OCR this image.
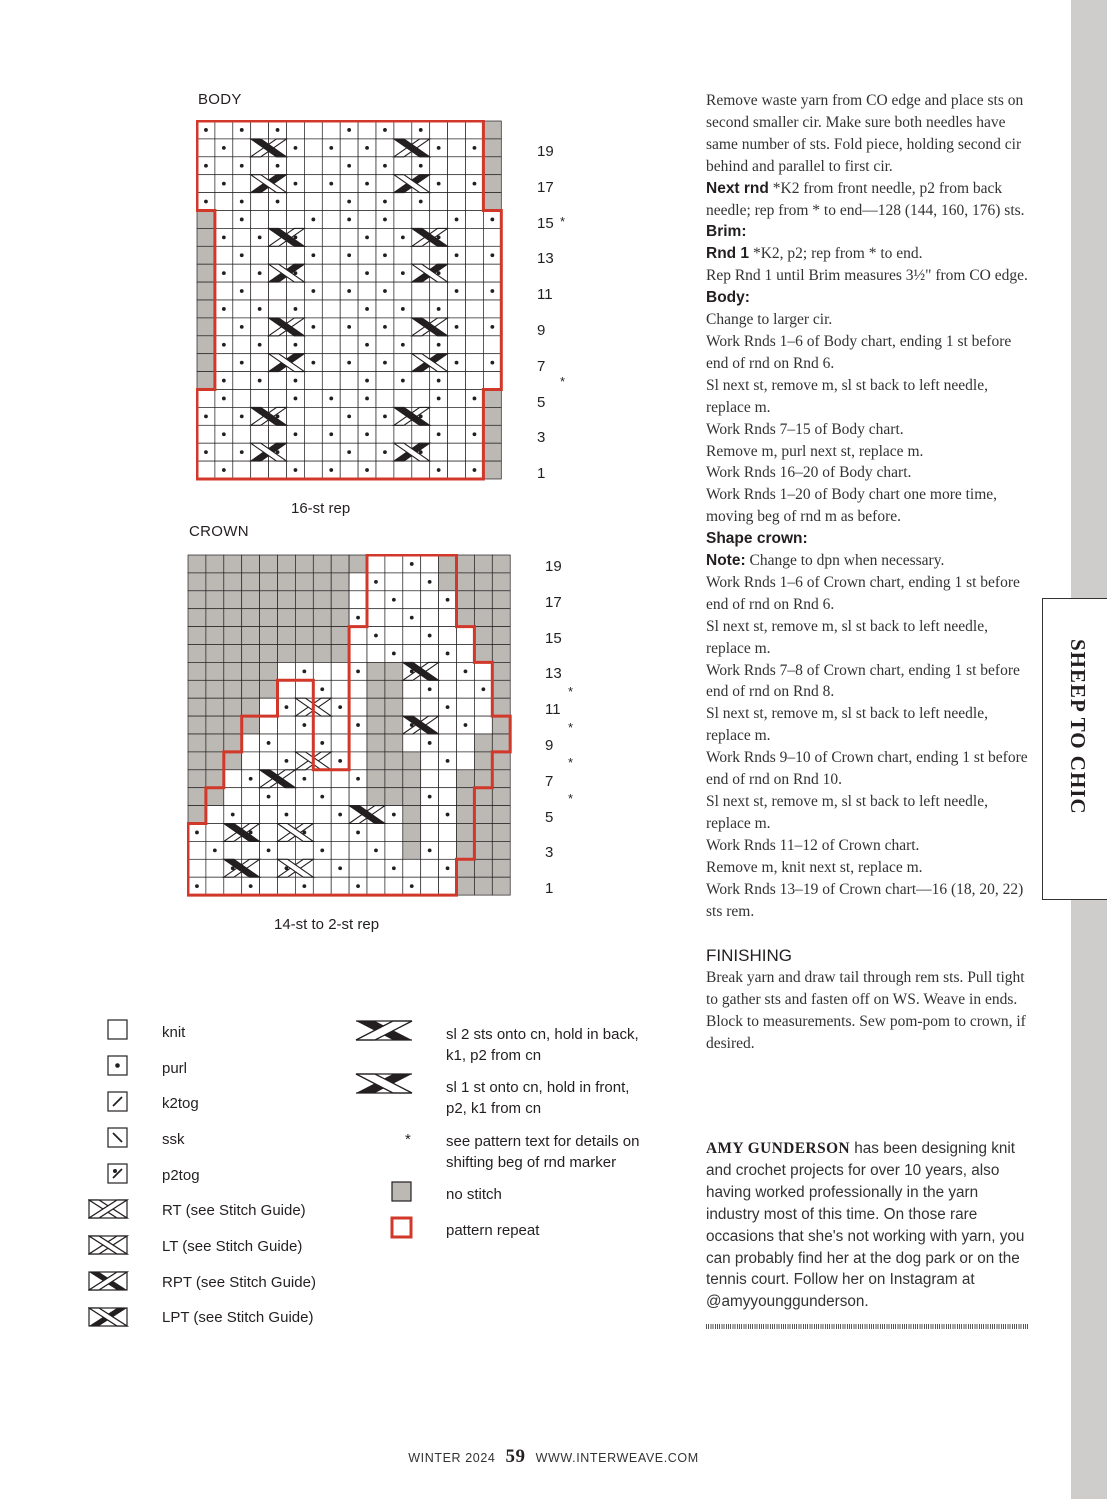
SHEEP TO CHIC
BODY
19
17
15
13
11
9
7
5
3
1
*
*
16-st rep
CROWN
19
17
15
13
11
9
7
5
3
1
*
*
*
*
14-st to 2-st rep

Remove waste yarn from CO edge and place sts on second smaller cir. Make sure both needles have same number of sts. Fold piece, holding second cir behind and parallel to first cir.

Next rnd *K2 from front needle, p2 from back needle; rep from * to end—128 (144, 160, 176) sts.

Brim:

Rnd 1 *K2, p2; rep from * to end.

Rep Rnd 1 until Brim measures 3½" from CO edge.

Body:

Change to larger cir.

Work Rnds 1–6 of Body chart, ending 1 st before end of rnd on Rnd 6.

Sl next st, remove m, sl st back to left needle, replace m.

Work Rnds 7–15 of Body chart.

Remove m, purl next st, replace m.

Work Rnds 16–20 of Body chart.

Work Rnds 1–20 of Body chart one more time, moving beg of rnd m as before.

Shape crown:

Note: Change to dpn when necessary.

Work Rnds 1–6 of Crown chart, ending 1 st before end of rnd on Rnd 6.

Sl next st, remove m, sl st back to left needle, replace m.

Work Rnds 7–8 of Crown chart, ending 1 st before end of rnd on Rnd 8.

Sl next st, remove m, sl st back to left needle, replace m.

Work Rnds 9–10 of Crown chart, ending 1 st before end of rnd on Rnd 10.

Sl next st, remove m, sl st back to left needle, replace m.

Work Rnds 11–12 of Crown chart.

Remove m, knit next st, replace m.

Work Rnds 13–19 of Crown chart—16 (18, 20, 22) sts rem.

FINISHING

Break yarn and draw tail through rem sts. Pull tight to gather sts and fasten off on WS. Weave in ends. Block to measurements. Sew pom-pom to crown, if desired.

AMY GUNDERSON has been designing knit and crochet projects for over 10 years, also having worked professionally in the yarn industry most of this time. On those rare occasions that she's not working with yarn, you can probably find her at the dog park or on the tennis court. Follow her on Instagram at @amyyounggunderson.
*
knit
purl
k2tog
ssk
p2tog
RT (see Stitch Guide)
LT (see Stitch Guide)
RPT (see Stitch Guide)
LPT (see Stitch Guide)
sl 2 sts onto cn, hold in back,
k1, p2 from cn
sl 1 st onto cn, hold in front,
p2, k1 from cn
see pattern text for details on
shifting beg of rnd marker
no stitch
pattern repeat
WINTER 2024 59 WWW.INTERWEAVE.COM
